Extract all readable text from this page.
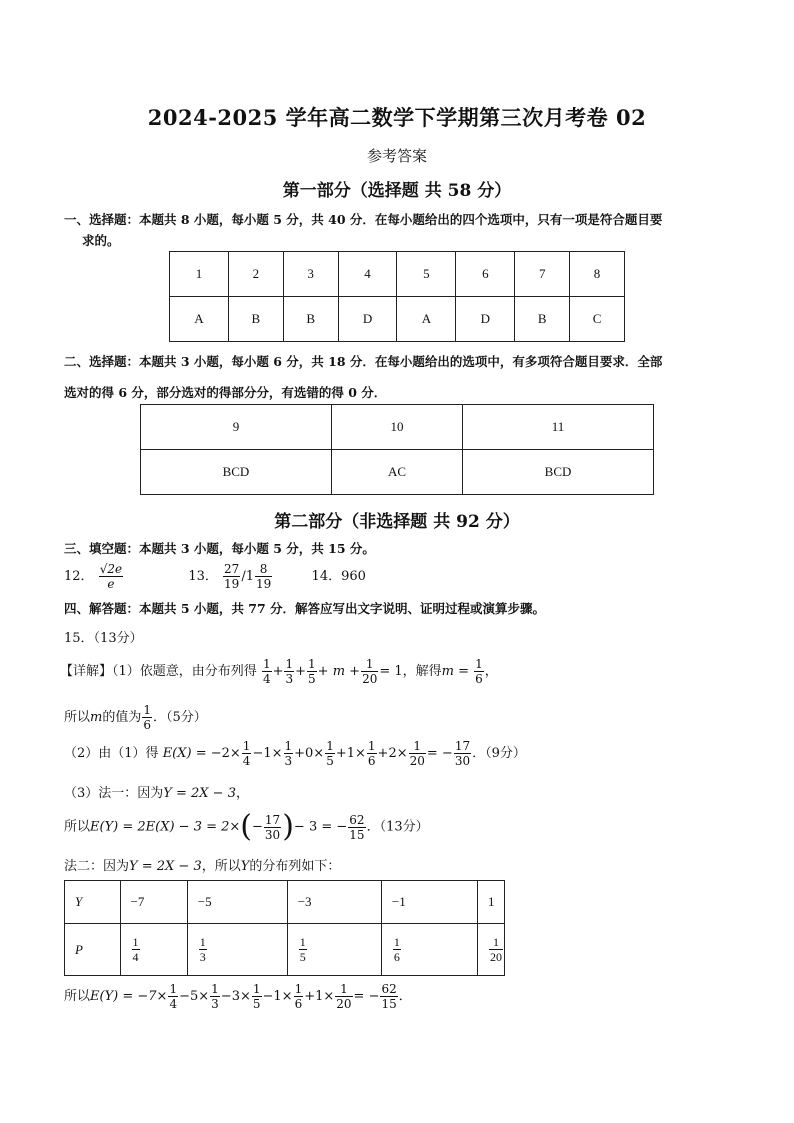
2024-2025 学年高二数学下学期第三次月考卷 02
参考答案
第一部分（选择题 共 58 分）
一、选择题：本题共 8 小题，每小题 5 分，共 40 分．在每小题给出的四个选项中，只有一项是符合题目要
求的。
1	2	3	4	5	6	7	8
A	B	B	D	A	D	B	C
二、选择题：本题共 3 小题，每小题 6 分，共 18 分．在每小题给出的选项中，有多项符合题目要求．全部
选对的得 6 分，部分选对的得部分分，有选错的得 0 分．
9	10	11
BCD	AC	BCD
第二部分（非选择题 共 92 分）
三、填空题：本题共 3 小题，每小题 5 分，共 15 分。
12． $\frac{√2e}{e}$	13． $\frac{27}{19} /1 \frac{8}{19}$	14．960
四、解答题：本题共 5 小题，共 77 分．解答应写出文字说明、证明过程或演算步骤。
15．（13分）
【详解】（1）依题意，由分布列得 $\frac{1}{4} + \frac{1}{3} + \frac{1}{5} + m + \frac{1}{20} = 1$，解得$m = \frac{1}{6}$ ，
所以m的值为 $\frac{1}{6}$ ．（5分）
（2）由（1）得 $E(X) = -2\times \frac{1}{4} -1\times \frac{1}{3} +0\times \frac{1}{5} +1\times \frac{1}{6} +2\times \frac{1}{20}$ = − $\frac{17}{30}$ ．（9分）
（3）法一：因为Y = 2X − 3，
所以$E(Y) = 2E(X) - 3 = 2\times(- \frac{17}{30}$ )− 3 = − $\frac{62}{15}$ ．（13分）
法二：因为Y = 2X − 3，所以Y的分布列如下：
Y	−7	−5	−3	−1	1
P	$\frac{1}{4}$	$\frac{1}{3}$	$\frac{1}{5}$	$\frac{1}{6}$	$\frac{1}{20}$
所以$E(Y) = -7\times \frac{1}{4} -5\times \frac{1}{3} -3\times \frac{1}{5} -1\times \frac{1}{6} +1\times \frac{1}{20}$ = − $\frac{62}{15}$ ．
